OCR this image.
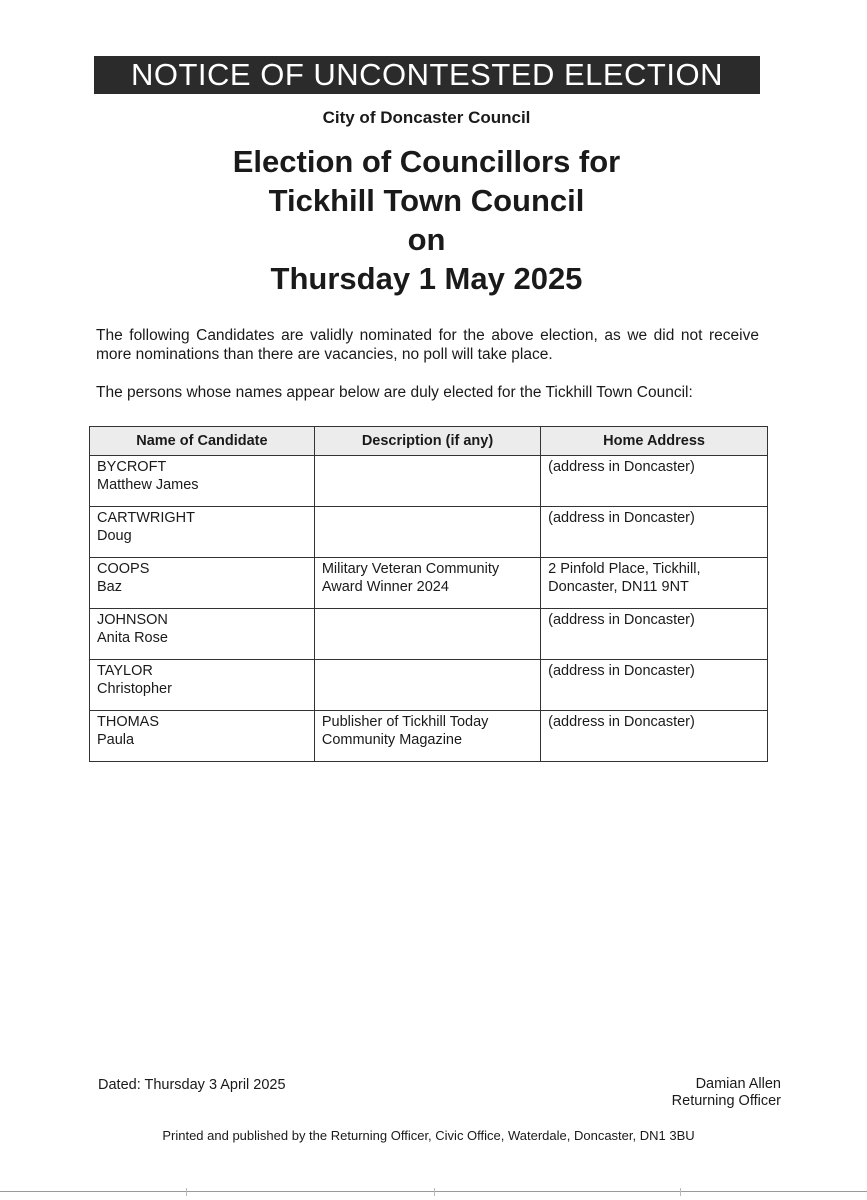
NOTICE OF UNCONTESTED ELECTION
City of Doncaster Council
Election of Councillors for
Tickhill Town Council
on
Thursday 1 May 2025
The following Candidates are validly nominated for the above election, as we did not receive more nominations than there are vacancies, no poll will take place.
The persons whose names appear below are duly elected for the Tickhill Town Council:
Name of Candidate	Description (if any)	Home Address

BYCROFT
Matthew James		(address in Doncaster)

CARTWRIGHT
Doug		(address in Doncaster)

COOPS
Baz	Military Veteran Community
Award Winner 2024	2 Pinfold Place, Tickhill,
Doncaster, DN11 9NT

JOHNSON
Anita Rose		(address in Doncaster)

TAYLOR
Christopher		(address in Doncaster)

THOMAS
Paula	Publisher of Tickhill Today
Community Magazine	(address in Doncaster)
Dated: Thursday 3 April 2025	Damian Allen
Returning Officer
Printed and published by the Returning Officer, Civic Office, Waterdale, Doncaster, DN1 3BU
